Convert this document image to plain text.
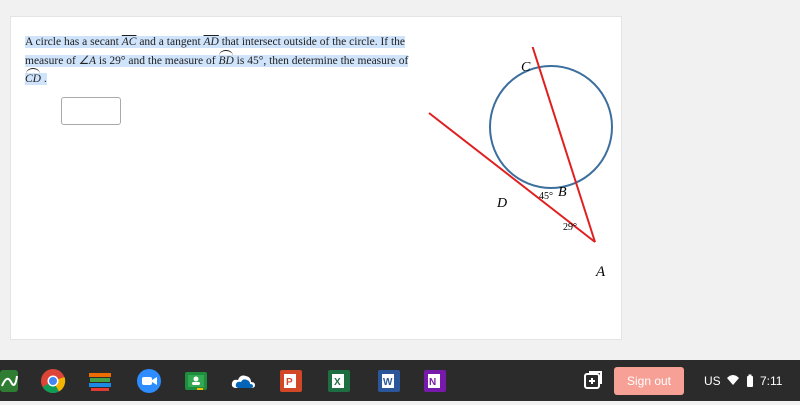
A circle has a secant $\overline{AC}$ and a tangent $\overline{AD}$ that intersect outside of the circle. If the measure of ∠A is 29° and the measure of BD is 45°, then determine the measure of CD .
C
B
D
A
45°
29°
P	X	W	N	Sign out	US	7:11
